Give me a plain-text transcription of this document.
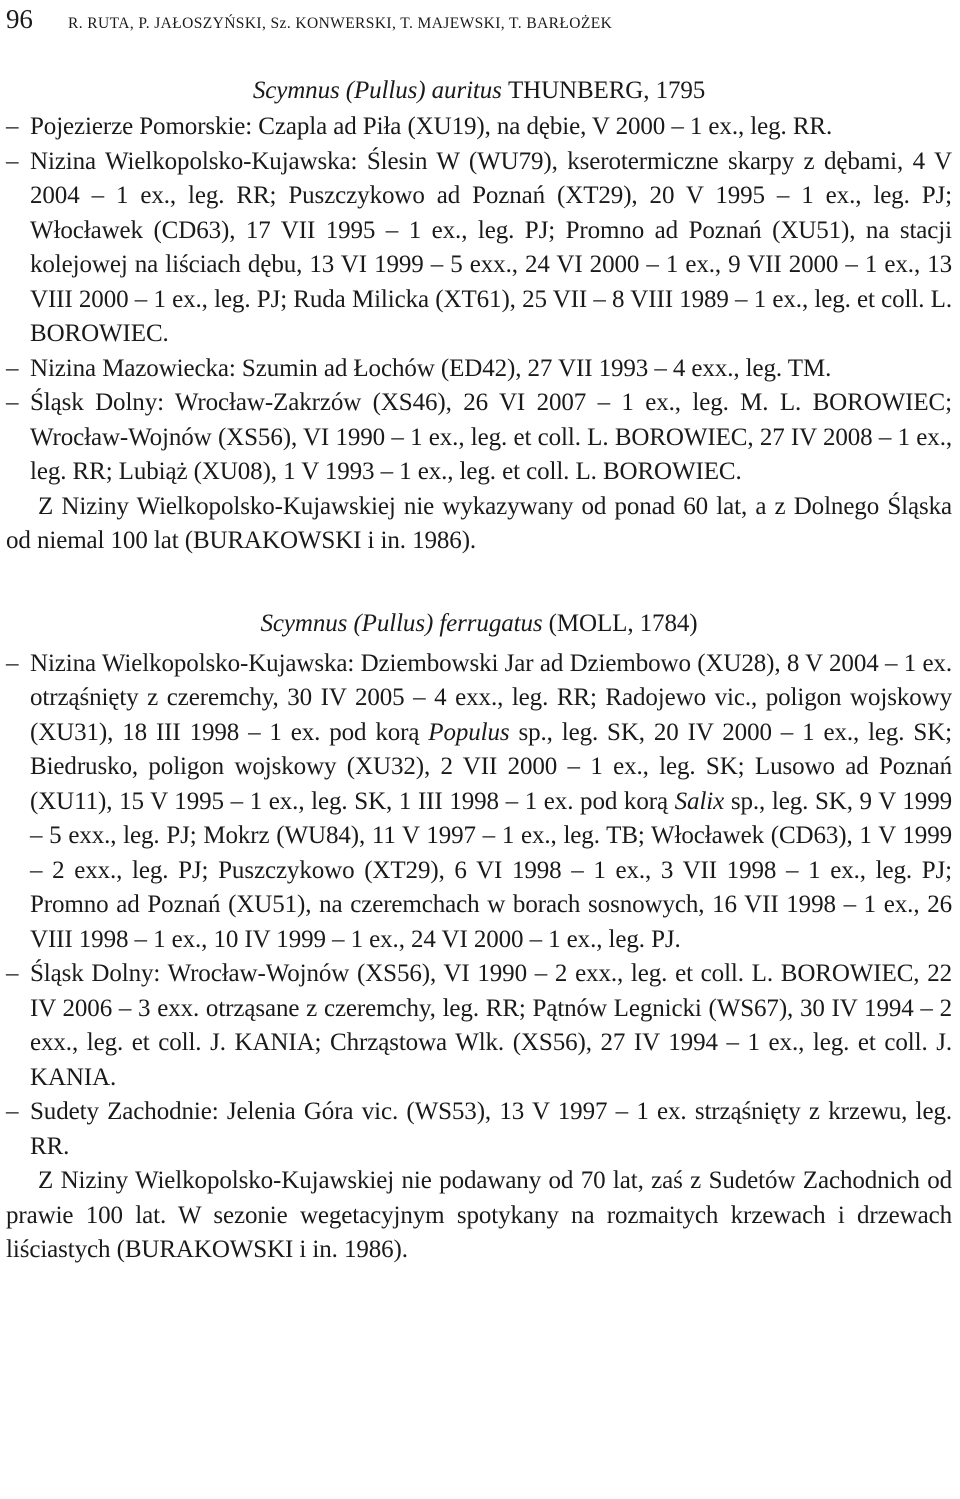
96	R. RUTA, P. JAŁOSZYŃSKI, Sz. KONWERSKI, T. MAJEWSKI, T. BARŁOŻEK
Scymnus (Pullus) auritus THUNBERG, 1795
– Pojezierze Pomorskie: Czapla ad Piła (XU19), na dębie, V 2000 – 1 ex., leg. RR.
– Nizina Wielkopolsko-Kujawska: Ślesin W (WU79), kserotermiczne skarpy z dębami, 4 V 2004 – 1 ex., leg. RR; Puszczykowo ad Poznań (XT29), 20 V 1995 – 1 ex., leg. PJ; Włocławek (CD63), 17 VII 1995 – 1 ex., leg. PJ; Promno ad Poznań (XU51), na stacji kolejowej na liściach dębu, 13 VI 1999 – 5 exx., 24 VI 2000 – 1 ex., 9 VII 2000 – 1 ex., 13 VIII 2000 – 1 ex., leg. PJ; Ruda Milicka (XT61), 25 VII – 8 VIII 1989 – 1 ex., leg. et coll. L. BOROWIEC.
– Nizina Mazowiecka: Szumin ad Łochów (ED42), 27 VII 1993 – 4 exx., leg. TM.
– Śląsk Dolny: Wrocław-Zakrzów (XS46), 26 VI 2007 – 1 ex., leg. M. L. BOROWIEC; Wrocław-Wojnów (XS56), VI 1990 – 1 ex., leg. et coll. L. BOROWIEC, 27 IV 2008 – 1 ex., leg. RR; Lubiąż (XU08), 1 V 1993 – 1 ex., leg. et coll. L. BOROWIEC.

Z Niziny Wielkopolsko-Kujawskiej nie wykazywany od ponad 60 lat, a z Dolnego Śląska od niemal 100 lat (BURAKOWSKI i in. 1986).

Scymnus (Pullus) ferrugatus (MOLL, 1784)
– Nizina Wielkopolsko-Kujawska: Dziembowski Jar ad Dziembowo (XU28), 8 V 2004 – 1 ex. otrząśnięty z czeremchy, 30 IV 2005 – 4 exx., leg. RR; Radojewo vic., poligon wojskowy (XU31), 18 III 1998 – 1 ex. pod korą Populus sp., leg. SK, 20 IV 2000 – 1 ex., leg. SK; Biedrusko, poligon wojskowy (XU32), 2 VII 2000 – 1 ex., leg. SK; Lusowo ad Poznań (XU11), 15 V 1995 – 1 ex., leg. SK, 1 III 1998 – 1 ex. pod korą Salix sp., leg. SK, 9 V 1999 – 5 exx., leg. PJ; Mokrz (WU84), 11 V 1997 – 1 ex., leg. TB; Włocławek (CD63), 1 V 1999 – 2 exx., leg. PJ; Puszczykowo (XT29), 6 VI 1998 – 1 ex., 3 VII 1998 – 1 ex., leg. PJ; Promno ad Poznań (XU51), na czeremchach w borach sosnowych, 16 VII 1998 – 1 ex., 26 VIII 1998 – 1 ex., 10 IV 1999 – 1 ex., 24 VI 2000 – 1 ex., leg. PJ.
– Śląsk Dolny: Wrocław-Wojnów (XS56), VI 1990 – 2 exx., leg. et coll. L. BOROWIEC, 22 IV 2006 – 3 exx. otrząsane z czeremchy, leg. RR; Pątnów Legnicki (WS67), 30 IV 1994 – 2 exx., leg. et coll. J. KANIA; Chrząstowa Wlk. (XS56), 27 IV 1994 – 1 ex., leg. et coll. J. KANIA.
– Sudety Zachodnie: Jelenia Góra vic. (WS53), 13 V 1997 – 1 ex. strząśnięty z krzewu, leg. RR.

Z Niziny Wielkopolsko-Kujawskiej nie podawany od 70 lat, zaś z Sudetów Zachodnich od prawie 100 lat. W sezonie wegetacyjnym spotykany na rozmaitych krzewach i drzewach liściastych (BURAKOWSKI i in. 1986).
